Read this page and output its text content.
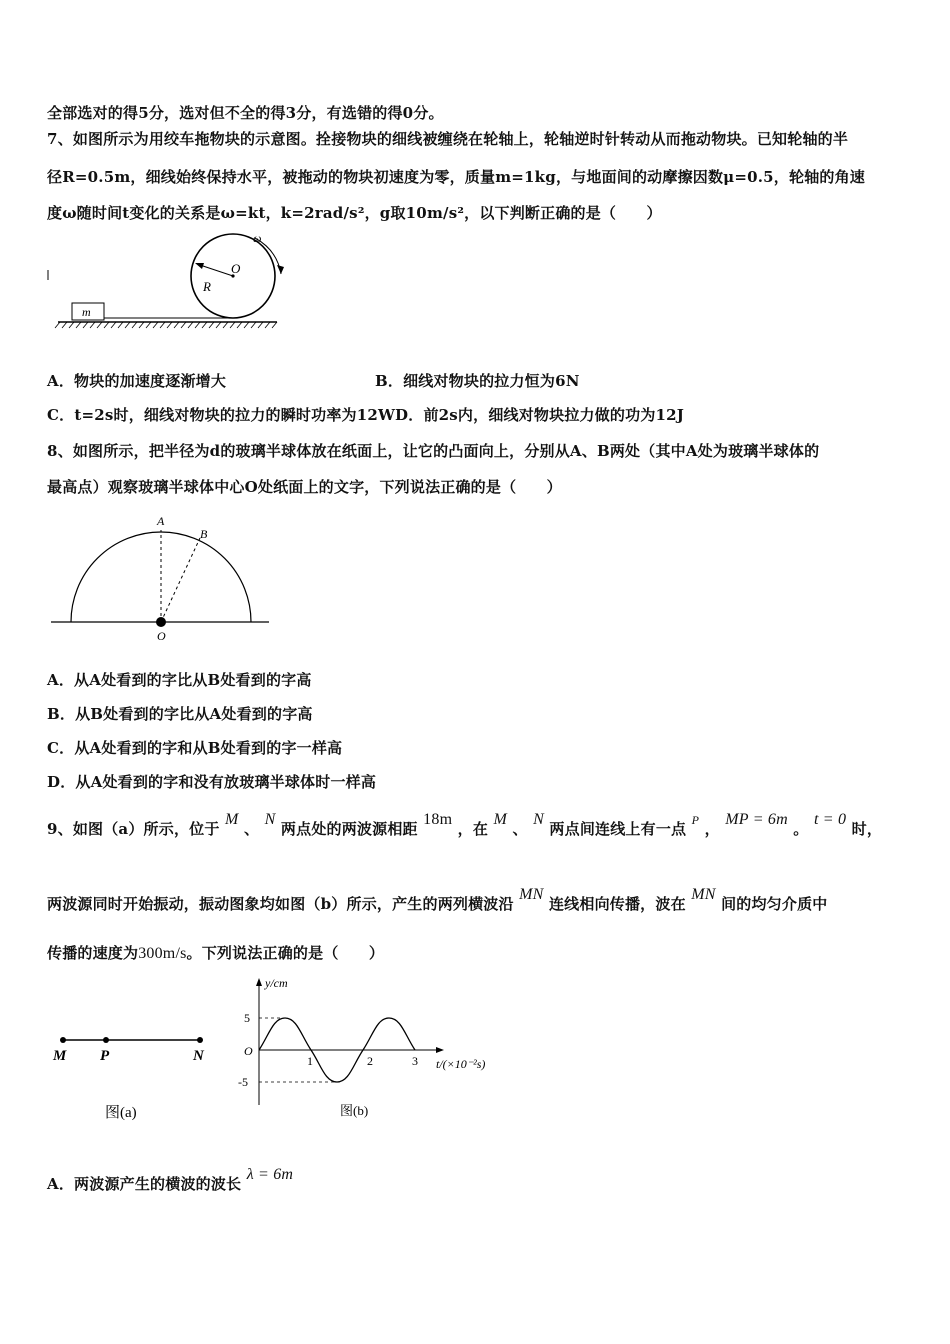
全部选对的得5分，选对但不全的得3分，有选错的得0分。
7、如图所示为用绞车拖物块的示意图。拴接物块的细线被缠绕在轮轴上，轮轴逆时针转动从而拖动物块。已知轮轴的半
径R=0.5m，细线始终保持水平，被拖动的物块初速度为零，质量m=1kg，与地面间的动摩擦因数μ=0.5，轮轴的角速
度ω随时间t变化的关系是ω=kt，k=2rad/s²，g取10m/s²，以下判断正确的是（　　）
ω
O
R
m
A．物块的加速度逐渐增大	B．细线对物块的拉力恒为6N
C．t=2s时，细线对物块的拉力的瞬时功率为12WD．前2s内，细线对物块拉力做的功为12J
8、如图所示，把半径为d的玻璃半球体放在纸面上，让它的凸面向上，分别从A、B两处（其中A处为玻璃半球体的
最高点）观察玻璃半球体中心O处纸面上的文字，下列说法正确的是（　　）
A
B
O
A．从A处看到的字比从B处看到的字高
B．从B处看到的字比从A处看到的字高
C．从A处看到的字和从B处看到的字一样高
D．从A处看到的字和没有放玻璃半球体时一样高
9、如图（a）所示，位于 M 、 N 两点处的两波源相距 18m ，在 M 、 N 两点间连线上有一点 $^P$ ， MP = 6m 。 t = 0 时，
两波源同时开始振动，振动图象均如图（b）所示，产生的两列横波沿 MN 连线相向传播，波在 MN 间的均匀介质中
传播的速度为300m/s。下列说法正确的是（　　）
M P	N
图(a)
y/cm
5
-5
O
1	2	3 t/(×10⁻²s)
图(b)
A．两波源产生的横波的波长 λ = 6m
